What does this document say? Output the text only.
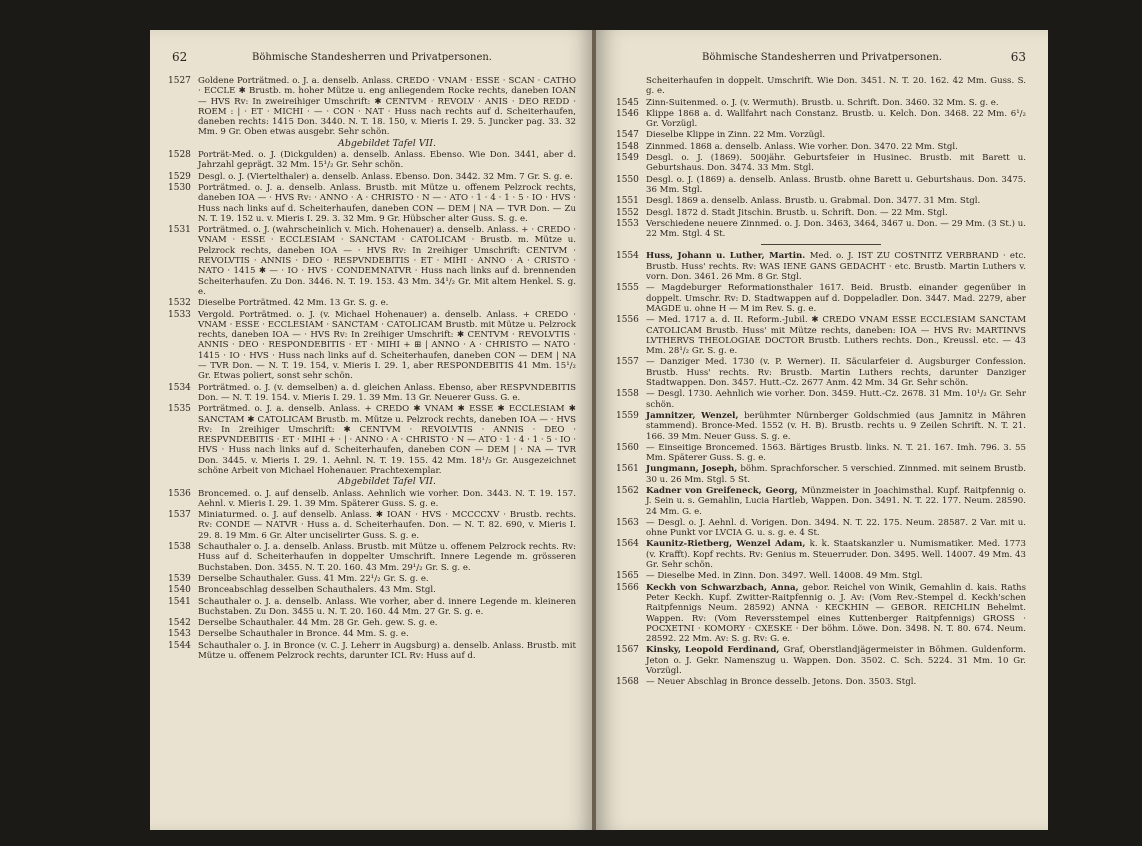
62	Böhmische Standesherren und Privatpersonen.
1527 Goldene Porträtmed. o. J. a. denselb. Anlass. CREDO · VNAM · ESSE · SCAN · CATHO · ECCLE ✱ Brustb. m. hoher Mütze u. eng anliegendem Rocke rechts, daneben IOAN — HVS Rv: In zweireihiger Umschrift: ✱ CENTVM · REVOLV · ANIS · DEO REDD · ROEM : | · ET · MICHI · — · CON · NAT · Huss nach rechts auf d. Scheiterhaufen, daneben rechts: 1415 Don. 3440. N. T. 18. 150, v. Mieris I. 29. 5. Juncker pag. 33. 32 Mm. 9 Gr. Oben etwas ausgebr. Sehr schön.
Abgebildet Tafel VII.
1528 Porträt-Med. o. J. (Dickgulden) a. denselb. Anlass. Ebenso. Wie Don. 3441, aber d. Jahrzahl geprägt. 32 Mm. 15¹/₂ Gr. Sehr schön.
1529 Desgl. o. J. (Viertelthaler) a. denselb. Anlass. Ebenso. Don. 3442. 32 Mm. 7 Gr. S. g. e.
1530 Porträtmed. o. J. a. denselb. Anlass. Brustb. mit Mütze u. offenem Pelzrock rechts, daneben IOA — · HVS Rv: · ANNO · A · CHRISTO · N — · ATO · 1 · 4 · 1 · 5 · IO · HVS · Huss nach links auf d. Scheiterhaufen, daneben CON — DEM | NA — TVR Don. — Zu N. T. 19. 152 u. v. Mieris I. 29. 3. 32 Mm. 9 Gr. Hübscher alter Guss. S. g. e.
1531 Porträtmed. o. J. (wahrscheinlich v. Mich. Hohenauer) a. denselb. Anlass. + · CREDO · VNAM · ESSE · ECCLESIAM · SANCTAM · CATOLICAM · Brustb. m. Mütze u. Pelzrock rechts, daneben IOA — · HVS Rv: In 2reihiger Umschrift: CENTVM · REVOLVTIS · ANNIS · DEO · RESPVNDEBITIS · ET · MIHI · ANNO · A · CRISTO · NATO · 1415 ✱ — · IO · HVS · CONDEMNATVR · Huss nach links auf d. brennenden Scheiterhaufen. Zu Don. 3446. N. T. 19. 153. 43 Mm. 34¹/₂ Gr. Mit altem Henkel. S. g. e.
1532 Dieselbe Porträtmed. 42 Mm. 13 Gr. S. g. e.
1533 Vergold. Porträtmed. o. J. (v. Michael Hohenauer) a. denselb. Anlass. + CREDO · VNAM · ESSE · ECCLESIAM · SANCTAM · CATOLICAM Brustb. mit Mütze u. Pelzrock rechts, daneben IOA — · HVS Rv: In 2reihiger Umschrift: ✱ CENTVM · REVOLVTIS · ANNIS · DEO · RESPONDEBITIS · ET · MIHI + ⊞ | ANNO · A · CHRISTO — NATO · 1415 · IO · HVS · Huss nach links auf d. Scheiterhaufen, daneben CON — DEM | NA — TVR Don. — N. T. 19. 154, v. Mieris I. 29. 1, aber RESPONDEBITIS 41 Mm. 15¹/₂ Gr. Etwas poliert, sonst sehr schön.
1534 Porträtmed. o. J. (v. demselben) a. d. gleichen Anlass. Ebenso, aber RESPVNDEBITIS Don. — N. T. 19. 154. v. Mieris I. 29. 1. 39 Mm. 13 Gr. Neuerer Guss. G. e.
1535 Porträtmed. o. J. a. denselb. Anlass. + CREDO ✱ VNAM ✱ ESSE ✱ ECCLESIAM ✱ SANCTAM ✱ CATOLICAM Brustb. m. Mütze u. Pelzrock rechts, daneben IOA — · HVS Rv: In 2reihiger Umschrift: ✱ CENTVM · REVOLVTIS · ANNIS · DEO · RESPVNDEBITIS · ET · MIHI + · | · ANNO · A · CHRISTO · N — ATO · 1 · 4 · 1 · 5 · IO · HVS · Huss nach links auf d. Scheiterhaufen, daneben CON — DEM | · NA — TVR Don. 3445. v. Mieris I. 29. 1. Aehnl. N. T. 19. 155. 42 Mm. 18¹/₂ Gr. Ausgezeichnet schöne Arbeit von Michael Hohenauer. Prachtexemplar.
Abgebildet Tafel VII.
1536 Broncemed. o. J. auf denselb. Anlass. Aehnlich wie vorher. Don. 3443. N. T. 19. 157. Aehnl. v. Mieris I. 29. 1. 39 Mm. Späterer Guss. S. g. e.
1537 Miniaturmed. o. J. auf denselb. Anlass. ✱ IOAN · HVS · MCCCCXV · Brustb. rechts. Rv: CONDE — NATVR · Huss a. d. Scheiterhaufen. Don. — N. T. 82. 690, v. Mieris I. 29. 8. 19 Mm. 6 Gr. Alter unciselirter Guss. S. g. e.
1538 Schauthaler o. J. a. denselb. Anlass. Brustb. mit Mütze u. offenem Pelzrock rechts. Rv: Huss auf d. Scheiterhaufen in doppelter Umschrift. Innere Legende m. grösseren Buchstaben. Don. 3455. N. T. 20. 160. 43 Mm. 29¹/₂ Gr. S. g. e.
1539 Derselbe Schauthaler. Guss. 41 Mm. 22¹/₂ Gr. S. g. e.
1540 Bronceabschlag desselben Schauthalers. 43 Mm. Stgl.
1541 Schauthaler o. J. a. denselb. Anlass. Wie vorher, aber d. innere Legende m. kleineren Buchstaben. Zu Don. 3455 u. N. T. 20. 160. 44 Mm. 27 Gr. S. g. e.
1542 Derselbe Schauthaler. 44 Mm. 28 Gr. Geh. gew. S. g. e.
1543 Derselbe Schauthaler in Bronce. 44 Mm. S. g. e.
1544 Schauthaler o. J. in Bronce (v. C. J. Leherr in Augsburg) a. denselb. Anlass. Brustb. mit Mütze u. offenem Pelzrock rechts, darunter ICL Rv: Huss auf d.
Böhmische Standesherren und Privatpersonen.	63
Scheiterhaufen in doppelt. Umschrift. Wie Don. 3451. N. T. 20. 162. 42 Mm. Guss. S. g. e.
1545 Zinn-Suitenmed. o. J. (v. Wermuth). Brustb. u. Schrift. Don. 3460. 32 Mm. S. g. e.
1546 Klippe 1868 a. d. Wallfahrt nach Constanz. Brustb. u. Kelch. Don. 3468. 22 Mm. 6¹/₂ Gr. Vorzügl.
1547 Dieselbe Klippe in Zinn. 22 Mm. Vorzügl.
1548 Zinnmed. 1868 a. denselb. Anlass. Wie vorher. Don. 3470. 22 Mm. Stgl.
1549 Desgl. o. J. (1869). 500jähr. Geburtsfeier in Husinec. Brustb. mit Barett u. Geburtshaus. Don. 3474. 33 Mm. Stgl.
1550 Desgl. o. J. (1869) a. denselb. Anlass. Brustb. ohne Barett u. Geburtshaus. Don. 3475. 36 Mm. Stgl.
1551 Desgl. 1869 a. denselb. Anlass. Brustb. u. Grabmal. Don. 3477. 31 Mm. Stgl.
1552 Desgl. 1872 d. Stadt Jitschin. Brustb. u. Schrift. Don. — 22 Mm. Stgl.
1553 Verschiedene neuere Zinnmed. o. J. Don. 3463, 3464, 3467 u. Don. — 29 Mm. (3 St.) u. 22 Mm. Stgl. 4 St.
1554 Huss, Johann u. Luther, Martin. Med. o. J. IST ZU COSTNITZ VERBRAND · etc. Brustb. Huss' rechts. Rv: WAS IENE GANS GEDACHT · etc. Brustb. Martin Luthers v. vorn. Don. 3461. 26 Mm. 8 Gr. Stgl.
1555 — Magdeburger Reformationsthaler 1617. Beid. Brustb. einander gegenüber in doppelt. Umschr. Rv: D. Stadtwappen auf d. Doppeladler. Don. 3447. Mad. 2279, aber MAGDE u. ohne H — M im Rev. S. g. e.
1556 — Med. 1717 a. d. II. Reform.-Jubil. ✱ CREDO VNAM ESSE ECCLESIAM SANCTAM CATOLICAM Brustb. Huss' mit Mütze rechts, daneben: IOA — HVS Rv: MARTINVS LVTHERVS THEOLOGIAE DOCTOR Brustb. Luthers rechts. Don., Kreussl. etc. — 43 Mm. 28¹/₂ Gr. S. g. e.
1557 — Danziger Med. 1730 (v. P. Werner). II. Säcularfeier d. Augsburger Confession. Brustb. Huss' rechts. Rv: Brustb. Martin Luthers rechts, darunter Danziger Stadtwappen. Don. 3457. Hutt.-Cz. 2677 Anm. 42 Mm. 34 Gr. Sehr schön.
1558 — Desgl. 1730. Aehnlich wie vorher. Don. 3459. Hutt.-Cz. 2678. 31 Mm. 10¹/₂ Gr. Sehr schön.
1559 Jamnitzer, Wenzel, berühmter Nürnberger Goldschmied (aus Jamnitz in Mähren stammend). Bronce-Med. 1552 (v. H. B). Brustb. rechts u. 9 Zeilen Schrift. N. T. 21. 166. 39 Mm. Neuer Guss. S. g. e.
1560 — Einseitige Broncemed. 1563. Bärtiges Brustb. links. N. T. 21. 167. Imh. 796. 3. 55 Mm. Späterer Guss. S. g. e.
1561 Jungmann, Joseph, böhm. Sprachforscher. 5 verschied. Zinnmed. mit seinem Brustb. 30 u. 26 Mm. Stgl. 5 St.
1562 Kadner von Greifeneck, Georg, Münzmeister in Joachimsthal. Kupf. Raitpfennig o. J. Sein u. s. Gemahlin, Lucia Hartleb, Wappen. Don. 3491. N. T. 22. 177. Neum. 28590. 24 Mm. G. e.
1563 — Desgl. o. J. Aehnl. d. Vorigen. Don. 3494. N. T. 22. 175. Neum. 28587. 2 Var. mit u. ohne Punkt vor LVCIA G. u. s. g. e. 4 St.
1564 Kaunitz-Rietberg, Wenzel Adam, k. k. Staatskanzler u. Numismatiker. Med. 1773 (v. Krafft). Kopf rechts. Rv: Genius m. Steuerruder. Don. 3495. Well. 14007. 49 Mm. 43 Gr. Sehr schön.
1565 — Dieselbe Med. in Zinn. Don. 3497. Well. 14008. 49 Mm. Stgl.
1566 Keckh von Schwarzbach, Anna, gebor. Reichel von Winik, Gemahlin d. kais. Raths Peter Keckh. Kupf. Zwitter-Raitpfennig o. J. Av: (Vom Rev.-Stempel d. Keckh'schen Raitpfennigs Neum. 28592) ANNA · KECKHIN — GEBOR. REICHLIN Behelmt. Wappen. Rv: (Vom Reversstempel eines Kuttenberger Raitpfennigs) GROSS · POCXETNI · KOMORY · CXESKE · Der böhm. Löwe. Don. 3498. N. T. 80. 674. Neum. 28592. 22 Mm. Av: S. g. Rv: G. e.
1567 Kinsky, Leopold Ferdinand, Graf, Oberstlandjägermeister in Böhmen. Guldenform. Jeton o. J. Gekr. Namenszug u. Wappen. Don. 3502. C. Sch. 5224. 31 Mm. 10 Gr. Vorzügl.
1568 — Neuer Abschlag in Bronce desselb. Jetons. Don. 3503. Stgl.
